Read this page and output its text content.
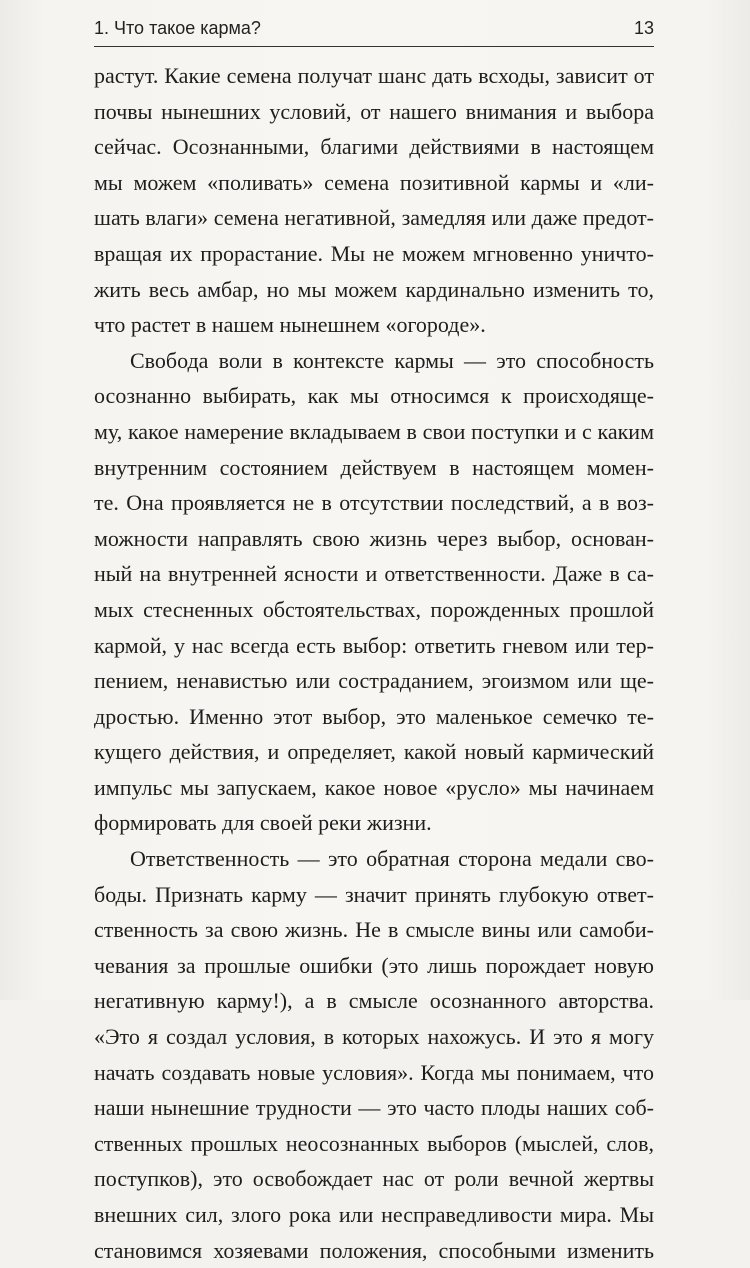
1. Что такое карма?	13
растут. Какие семена получат шанс дать всходы, зависит от
почвы нынешних условий, от нашего внимания и выбора
сейчас. Осознанными, благими действиями в настоящем
мы можем «поливать» семена позитивной кармы и «ли-
шать влаги» семена негативной, замедляя или даже предот-
вращая их прорастание. Мы не можем мгновенно уничто-
жить весь амбар, но мы можем кардинально изменить то,
что растет в нашем нынешнем «огороде».
Свобода воли в контексте кармы — это способность
осознанно выбирать, как мы относимся к происходяще-
му, какое намерение вкладываем в свои поступки и с каким
внутренним состоянием действуем в настоящем момен-
те. Она проявляется не в отсутствии последствий, а в воз-
можности направлять свою жизнь через выбор, основан-
ный на внутренней ясности и ответственности. Даже в са-
мых стесненных обстоятельствах, порожденных прошлой
кармой, у нас всегда есть выбор: ответить гневом или тер-
пением, ненавистью или состраданием, эгоизмом или ще-
дростью. Именно этот выбор, это маленькое семечко те-
кущего действия, и определяет, какой новый кармический
импульс мы запускаем, какое новое «русло» мы начинаем
формировать для своей реки жизни.
Ответственность — это обратная сторона медали сво-
боды. Признать карму — значит принять глубокую ответ-
ственность за свою жизнь. Не в смысле вины или самоби-
чевания за прошлые ошибки (это лишь порождает новую
негативную карму!), а в смысле осознанного авторства.
«Это я создал условия, в которых нахожусь. И это я могу
начать создавать новые условия». Когда мы понимаем, что
наши нынешние трудности — это часто плоды наших соб-
ственных прошлых неосознанных выборов (мыслей, слов,
поступков), это освобождает нас от роли вечной жертвы
внешних сил, злого рока или несправедливости мира. Мы
становимся хозяевами положения, способными изменить
